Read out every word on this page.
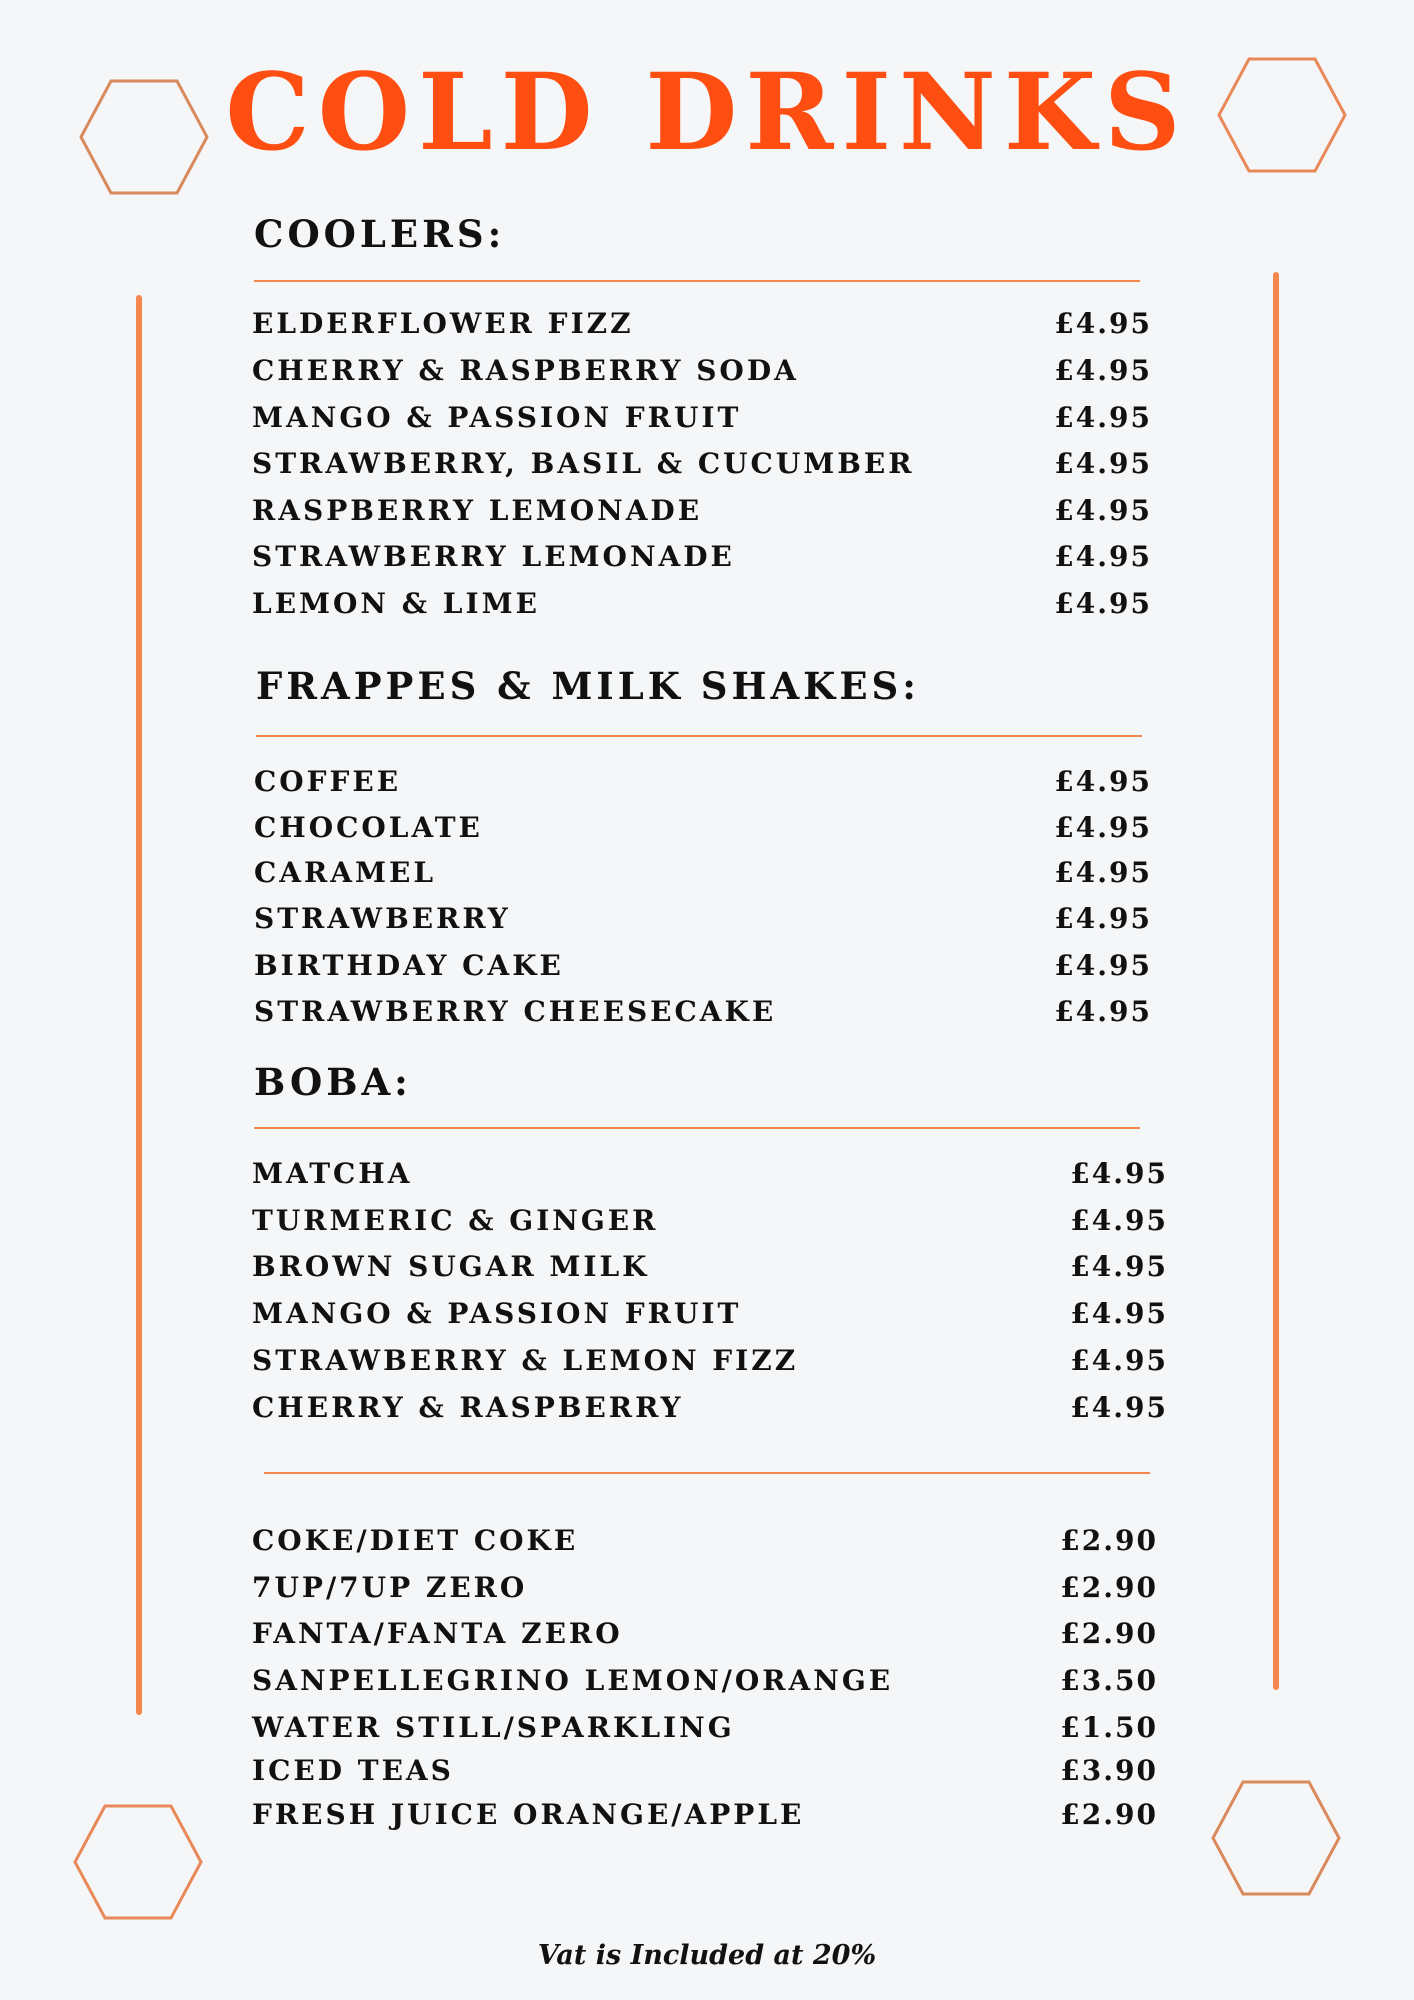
COLD DRINKS
COOLERS:
ELDERFLOWER FIZZ	£4.95
CHERRY & RASPBERRY SODA	£4.95
MANGO & PASSION FRUIT	£4.95
STRAWBERRY, BASIL & CUCUMBER	£4.95
RASPBERRY LEMONADE	£4.95
STRAWBERRY LEMONADE	£4.95
LEMON & LIME	£4.95
FRAPPES & MILK SHAKES:
COFFEE	£4.95
CHOCOLATE	£4.95
CARAMEL	£4.95
STRAWBERRY	£4.95
BIRTHDAY CAKE	£4.95
STRAWBERRY CHEESECAKE	£4.95
BOBA:
MATCHA	£4.95
TURMERIC & GINGER	£4.95
BROWN SUGAR MILK	£4.95
MANGO & PASSION FRUIT	£4.95
STRAWBERRY & LEMON FIZZ	£4.95
CHERRY & RASPBERRY	£4.95
COKE/DIET COKE	£2.90
7UP/7UP ZERO	£2.90
FANTA/FANTA ZERO	£2.90
SANPELLEGRINO LEMON/ORANGE	£3.50
WATER STILL/SPARKLING	£1.50
ICED TEAS	£3.90
FRESH JUICE ORANGE/APPLE	£2.90

Vat is Included at 20%
